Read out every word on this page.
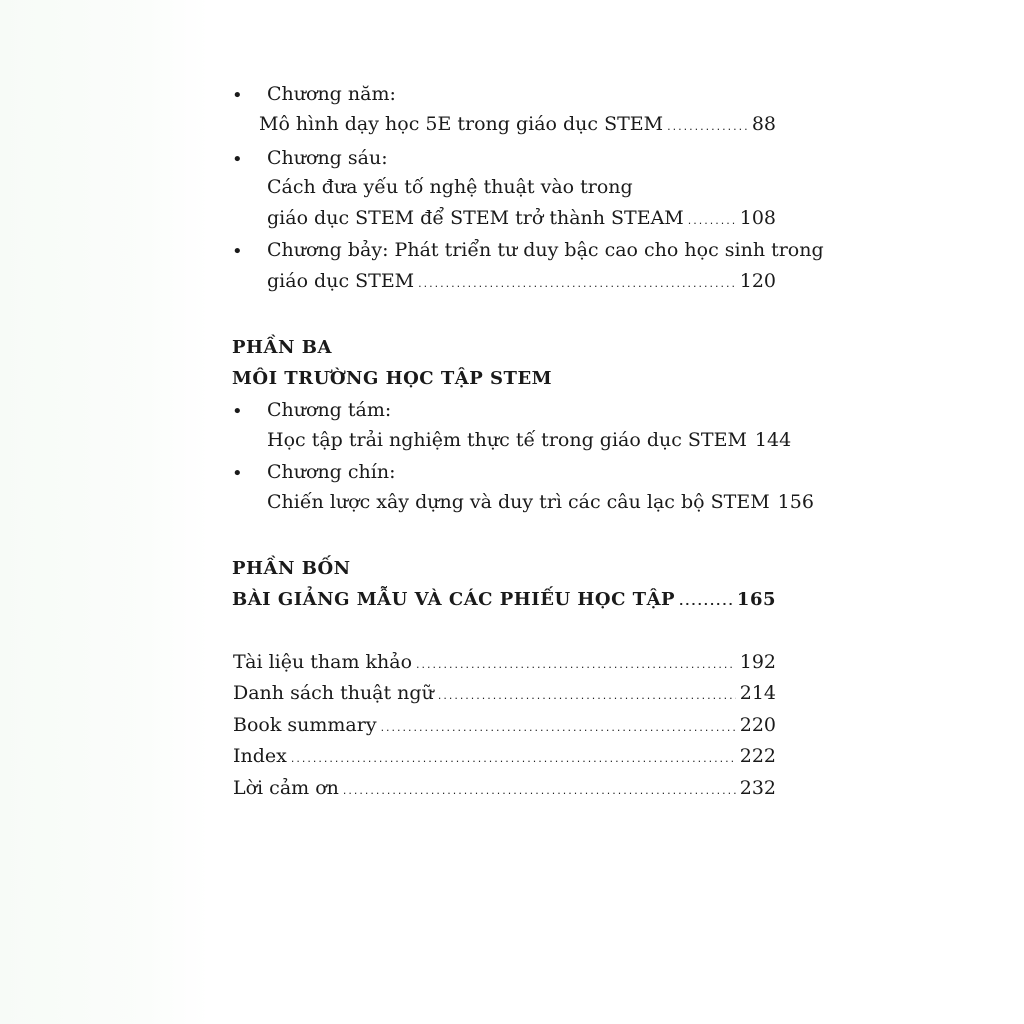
• Chương năm:
Mô hình dạy học 5E trong giáo dục STEM .....	88
• Chương sáu:
Cách đưa yếu tố nghệ thuật vào trong
giáo dục STEM để STEM trở thành STEAM .....	108
• Chương bảy: Phát triển tư duy bậc cao cho học sinh trong
giáo dục STEM .....	120
PHẦN BA
MÔI TRƯỜNG HỌC TẬP STEM
• Chương tám:
Học tập trải nghiệm thực tế trong giáo dục STEM 144
• Chương chín:
Chiến lược xây dựng và duy trì các câu lạc bộ STEM 156
PHẦN BỐN
BÀI GIẢNG MẪU VÀ CÁC PHIẾU HỌC TẬP .....	165
Tài liệu tham khảo .....	192
Danh sách thuật ngữ .....	214
Book summary .....	220
Index .....	222
Lời cảm ơn .....	232
